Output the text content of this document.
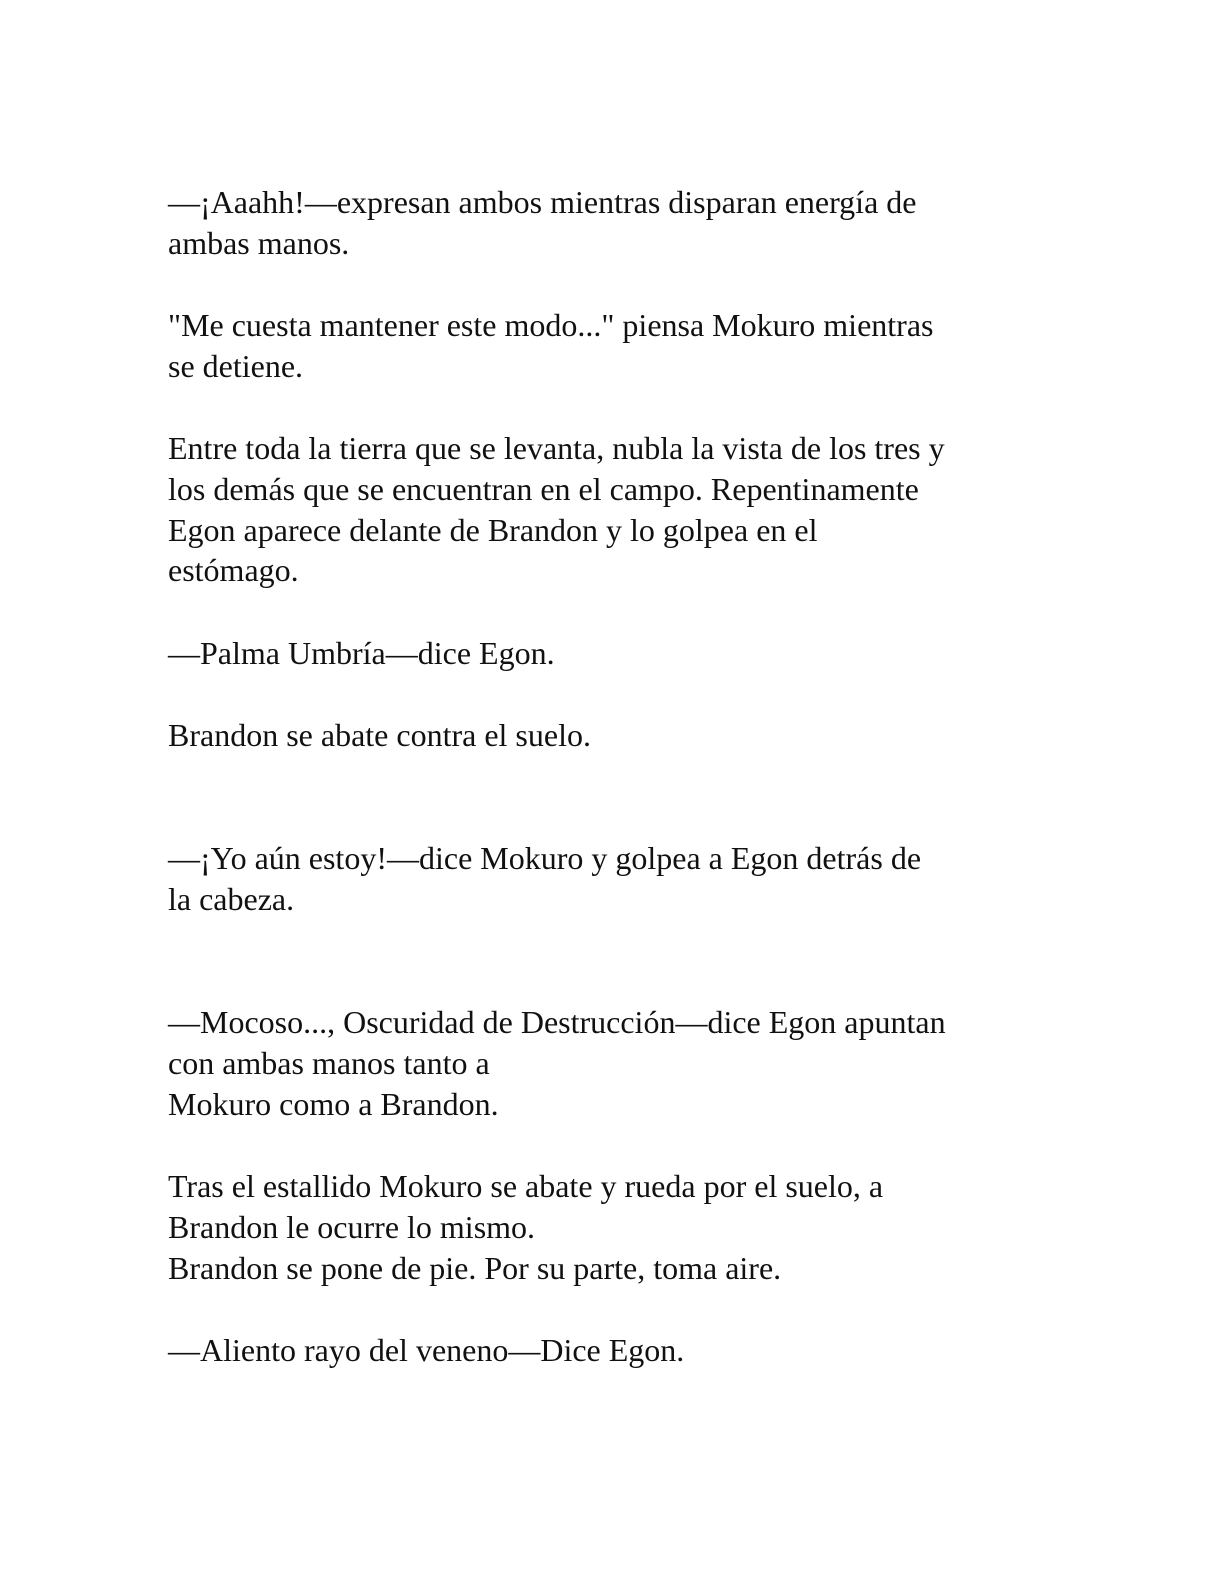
—¡Aaahh!—expresan ambos mientras disparan energía de
ambas manos.

"Me cuesta mantener este modo..." piensa Mokuro mientras
se detiene.

Entre toda la tierra que se levanta, nubla la vista de los tres y
los demás que se encuentran en el campo. Repentinamente
Egon aparece delante de Brandon y lo golpea en el
estómago.

—Palma Umbría—dice Egon.

Brandon se abate contra el suelo.

—¡Yo aún estoy!—dice Mokuro y golpea a Egon detrás de
la cabeza.

—Mocoso..., Oscuridad de Destrucción—dice Egon apuntan
con ambas manos tanto a
Mokuro como a Brandon.

Tras el estallido Mokuro se abate y rueda por el suelo, a
Brandon le ocurre lo mismo.
Brandon se pone de pie. Por su parte, toma aire.

—Aliento rayo del veneno—Dice Egon.
